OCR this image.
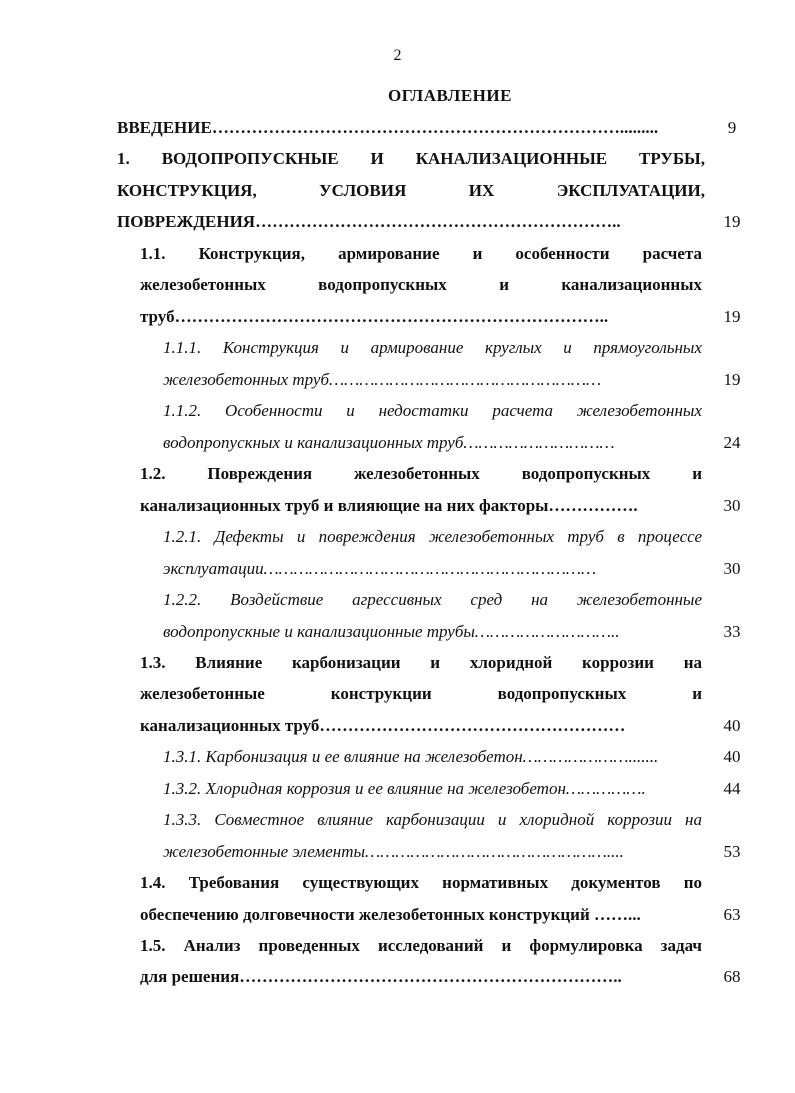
2
ОГЛАВЛЕНИЕ
ВВЕДЕНИЕ……………………………………………………………….........	9
1. ВОДОПРОПУСКНЫЕ И КАНАЛИЗАЦИОННЫЕ ТРУБЫ,
КОНСТРУКЦИЯ, УСЛОВИЯ ИХ ЭКСПЛУАТАЦИИ,
ПОВРЕЖДЕНИЯ………………………………………………………..	19
1.1. Конструкция, армирование и особенности расчета
железобетонных водопропускных и канализационных
труб…………………………………………………………………..	19
1.1.1. Конструкция и армирование круглых и прямоугольных
железобетонных труб………………………………………………	19
1.1.2. Особенности и недостатки расчета железобетонных
водопропускных и канализационных труб…………………………	24
1.2. Повреждения железобетонных водопропускных и
канализационных труб и влияющие на них факторы…………….	30
1.2.1. Дефекты и повреждения железобетонных труб в процессе
эксплуатации…………………………………………………………	30
1.2.2. Воздействие агрессивных сред на железобетонные
водопропускные и канализационные трубы………………………..	33
1.3. Влияние карбонизации и хлоридной коррозии на
железобетонные конструкции водопропускных и
канализационных труб………………………………………………	40
1.3.1. Карбонизация и ее влияние на железобетон………………….......	40
1.3.2. Хлоридная коррозия и ее влияние на железобетон…………….	44
1.3.3. Совместное влияние карбонизации и хлоридной коррозии на
железобетонные элементы…………………………………………....	53
1.4. Требования существующих нормативных документов по
обеспечению долговечности железобетонных конструкций ……...	63
1.5. Анализ проведенных исследований и формулировка задач
для решения…………………………………………………………..	68
